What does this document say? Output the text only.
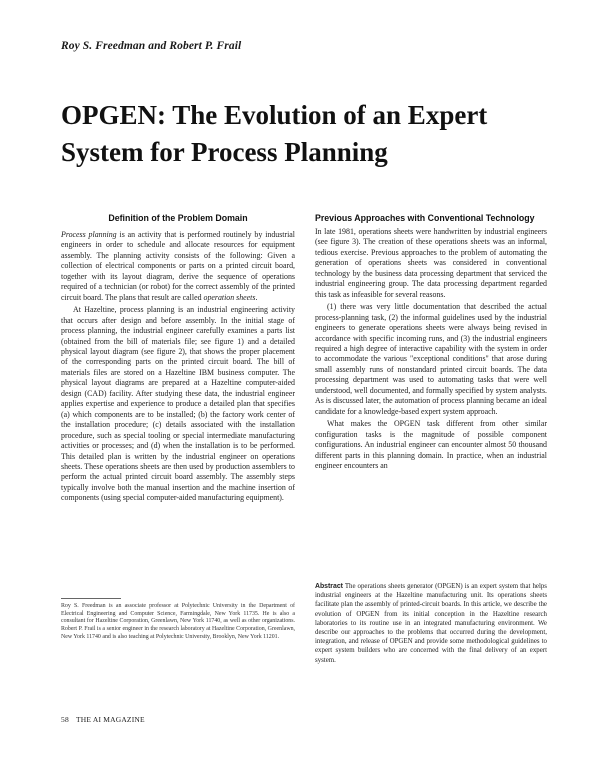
Roy S. Freedman and Robert P. Frail
OPGEN: The Evolution of an Expert System for Process Planning
Definition of the Problem Domain

Process planning is an activity that is performed routinely by industrial engineers in order to schedule and allocate resources for equipment assembly. The planning activity consists of the following: Given a collection of electrical components or parts on a printed circuit board, together with its layout diagram, derive the sequence of operations required of a technician (or robot) for the correct assembly of the printed circuit board. The plans that result are called operation sheets.

At Hazeltine, process planning is an industrial engineering activity that occurs after design and before assembly. In the initial stage of process planning, the industrial engineer carefully examines a parts list (obtained from the bill of materials file; see figure 1) and a detailed physical layout diagram (see figure 2), that shows the proper placement of the corresponding parts on the printed circuit board. The bill of materials files are stored on a Hazeltine IBM business computer. The physical layout diagrams are prepared at a Hazeltine computer-aided design (CAD) facility. After studying these data, the industrial engineer applies expertise and experience to produce a detailed plan that specifies (a) which components are to be installed; (b) the factory work center of the installation procedure; (c) details associated with the installation procedure, such as special tooling or special intermediate manufacturing activities or processes; and (d) when the installation is to be performed. This detailed plan is written by the industrial engineer on operations sheets. These operations sheets are then used by production assemblers to perform the actual printed circuit board assembly. The assembly steps typically involve both the manual insertion and the machine insertion of components (using special computer-aided manufacturing equipment).

Previous Approaches with Conventional Technology

In late 1981, operations sheets were handwritten by industrial engineers (see figure 3). The creation of these operations sheets was an informal, tedious exercise. Previous approaches to the problem of automating the generation of operations sheets was considered in conventional technology by the business data processing department that serviced the industrial engineering group. The data processing department regarded this task as infeasible for several reasons.

(1) there was very little documentation that described the actual process-planning task, (2) the informal guidelines used by the industrial engineers to generate operations sheets were always being revised in accordance with specific incoming runs, and (3) the industrial engineers required a high degree of interactive capability with the system in order to accommodate the various "exceptional conditions" that arose during small assembly runs of nonstandard printed circuit boards. The data processing department was used to automating tasks that were well understood, well documented, and formally specified by system analysts. As is discussed later, the automation of process planning became an ideal candidate for a knowledge-based expert system approach.

What makes the OPGEN task different from other similar configuration tasks is the magnitude of possible component configurations. An industrial engineer can encounter almost 50 thousand different parts in this planning domain. In practice, when an industrial engineer encounters an

Roy S. Freedman is an associate professor at Polytechnic University in the Department of Electrical Engineering and Computer Science, Farmingdale, New York 11735. He is also a consultant for Hazeltine Corporation, Greenlawn, New York 11740, as well as other organizations. Robert P. Frail is a senior engineer in the research laboratory at Hazeltine Corporation, Greenlawn, New York 11740 and is also teaching at Polytechnic University, Brooklyn, New York 11201.

Abstract The operations sheets generator (OPGEN) is an expert system that helps industrial engineers at the Hazeltine manufacturing unit. Its operations sheets facilitate plan the assembly of printed-circuit boards. In this article, we describe the evolution of OPGEN from its initial conception in the Hazeltine research laboratories to its routine use in an integrated manufacturing environment. We describe our approaches to the problems that occurred during the development, integration, and release of OPGEN and provide some methodological guidelines to expert system builders who are concerned with the final delivery of an expert system.

58 THE AI MAGAZINE
